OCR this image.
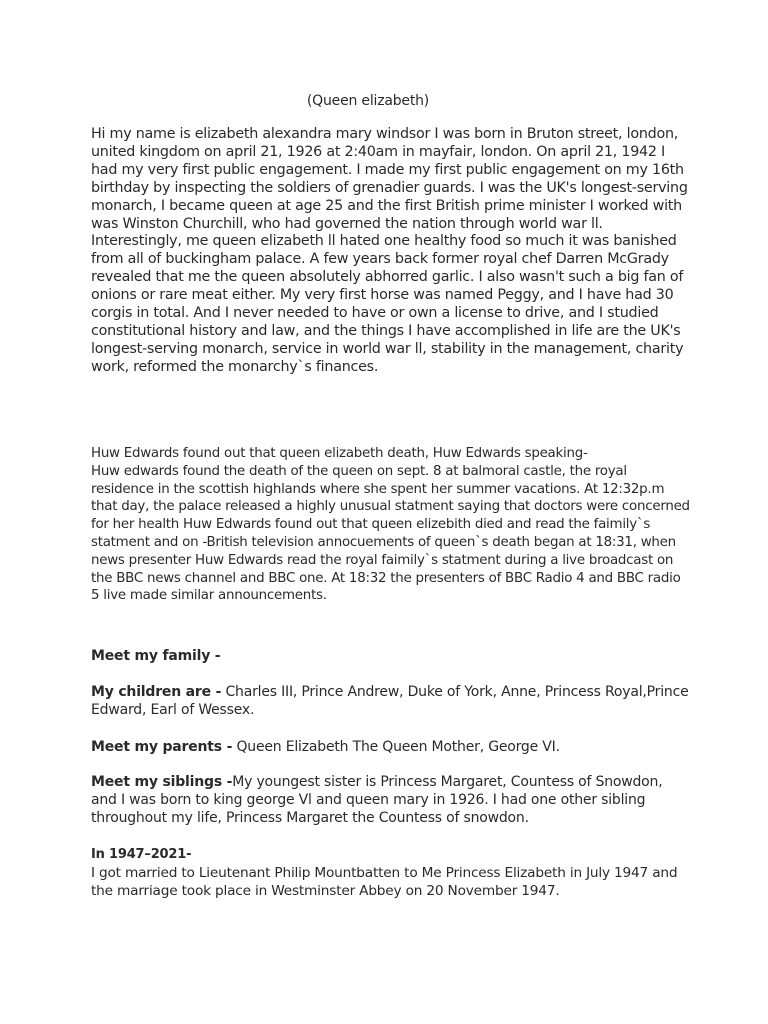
(Queen elizabeth)

Hi my name is elizabeth alexandra mary windsor I was born in Bruton street, london, united kingdom on april 21, 1926 at 2:40am in mayfair, london. On april 21, 1942 I had my very first public engagement. I made my first public engagement on my 16th birthday by inspecting the soldiers of grenadier guards. I was the UK's longest-serving monarch, I became queen at age 25 and the first British prime minister I worked with was Winston Churchill, who had governed the nation through world war ll. Interestingly, me queen elizabeth ll hated one healthy food so much it was banished from all of buckingham palace. A few years back former royal chef Darren McGrady revealed that me the queen absolutely abhorred garlic. I also wasn't such a big fan of onions or rare meat either. My very first horse was named Peggy, and I have had 30 corgis in total. And I never needed to have or own a license to drive, and I studied constitutional history and law, and the things I have accomplished in life are the UK's longest-serving monarch, service in world war ll, stability in the management, charity work, reformed the monarchy`s finances.

Huw Edwards found out that queen elizabeth death, Huw Edwards speaking-
Huw edwards found the death of the queen on sept. 8 at balmoral castle, the royal residence in the scottish highlands where she spent her summer vacations. At 12:32p.m that day, the palace released a highly unusual statment saying that doctors were concerned for her health Huw Edwards found out that queen elizebith died and read the faimily`s statment and on -British television annocuements of queen`s death began at 18:31, when news presenter Huw Edwards read the royal faimily`s statment during a live broadcast on the BBC news channel and BBC one. At 18:32 the presenters of BBC Radio 4 and BBC radio 5 live made similar announcements.

Meet my family -

My children are - Charles III, Prince Andrew, Duke of York, Anne, Princess Royal,Prince Edward, Earl of Wessex.

Meet my parents - Queen Elizabeth The Queen Mother, George VI.

Meet my siblings -My youngest sister is Princess Margaret, Countess of Snowdon, and I was born to king george Vl and queen mary in 1926. I had one other sibling throughout my life, Princess Margaret the Countess of snowdon.

In 1947–2021-

I got married to Lieutenant Philip Mountbatten to Me Princess Elizabeth in July 1947 and the marriage took place in Westminster Abbey on 20 November 1947.
